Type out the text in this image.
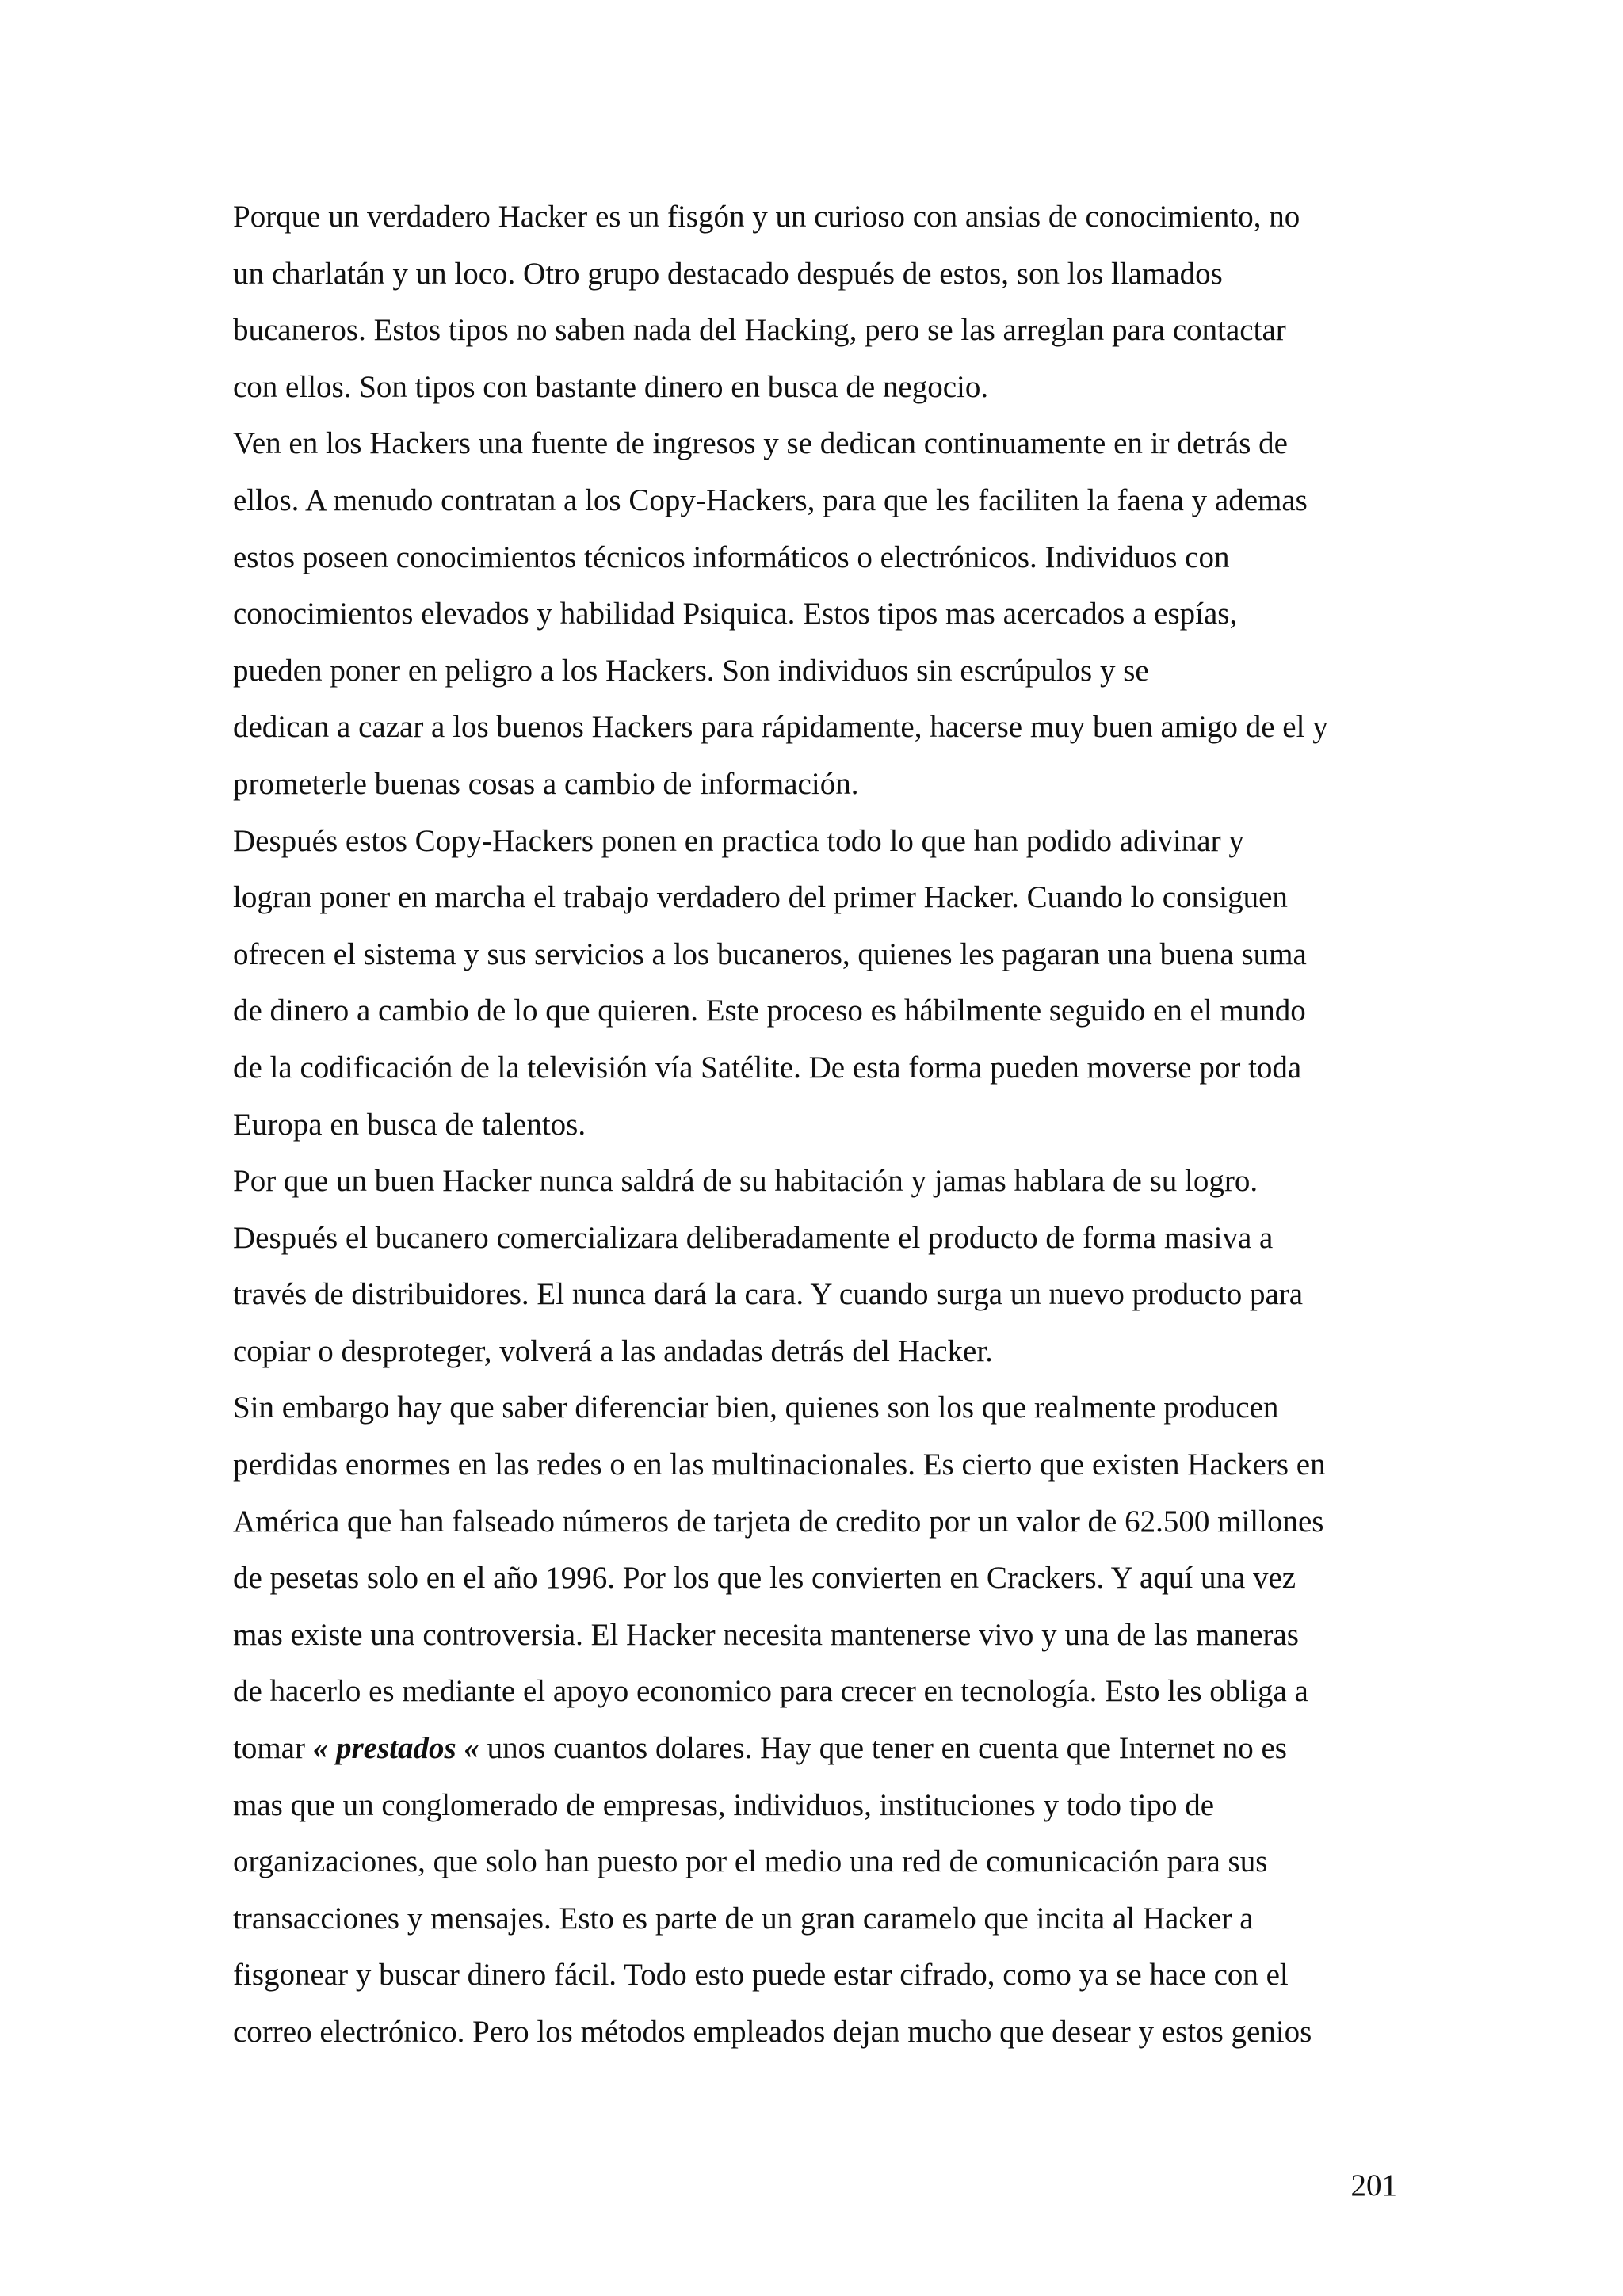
Porque un verdadero Hacker es un fisgón y un curioso con ansias de conocimiento, no
un charlatán y un loco. Otro grupo destacado después de estos, son los llamados
bucaneros. Estos tipos no saben nada del Hacking, pero se las arreglan para contactar
con ellos. Son tipos con bastante dinero en busca de negocio.
Ven en los Hackers una fuente de ingresos y se dedican continuamente en ir detrás de
ellos. A menudo contratan a los Copy-Hackers, para que les faciliten la faena y ademas
estos poseen conocimientos técnicos informáticos o electrónicos. Individuos con
conocimientos elevados y habilidad Psiquica. Estos tipos mas acercados a espías,
pueden poner en peligro a los Hackers. Son individuos sin escrúpulos y se
dedican a cazar a los buenos Hackers para rápidamente, hacerse muy buen amigo de el y
prometerle buenas cosas a cambio de información.
Después estos Copy-Hackers ponen en practica todo lo que han podido adivinar y
logran poner en marcha el trabajo verdadero del primer Hacker. Cuando lo consiguen
ofrecen el sistema y sus servicios a los bucaneros, quienes les pagaran una buena suma
de dinero a cambio de lo que quieren. Este proceso es hábilmente seguido en el mundo
de la codificación de la televisión vía Satélite. De esta forma pueden moverse por toda
Europa en busca de talentos.
Por que un buen Hacker nunca saldrá de su habitación y jamas hablara de su logro.
Después el bucanero comercializara deliberadamente el producto de forma masiva a
través de distribuidores. El nunca dará la cara. Y cuando surga un nuevo producto para
copiar o desproteger, volverá a las andadas detrás del Hacker.
Sin embargo hay que saber diferenciar bien, quienes son los que realmente producen
perdidas enormes en las redes o en las multinacionales. Es cierto que existen Hackers en
América que han falseado números de tarjeta de credito por un valor de 62.500 millones
de pesetas solo en el año 1996. Por los que les convierten en Crackers. Y aquí una vez
mas existe una controversia. El Hacker necesita mantenerse vivo y una de las maneras
de hacerlo es mediante el apoyo economico para crecer en tecnología. Esto les obliga a
tomar « prestados « unos cuantos dolares. Hay que tener en cuenta que Internet no es
mas que un conglomerado de empresas, individuos, instituciones y todo tipo de
organizaciones, que solo han puesto por el medio una red de comunicación para sus
transacciones y mensajes. Esto es parte de un gran caramelo que incita al Hacker a
fisgonear y buscar dinero fácil. Todo esto puede estar cifrado, como ya se hace con el
correo electrónico. Pero los métodos empleados dejan mucho que desear y estos genios
201
